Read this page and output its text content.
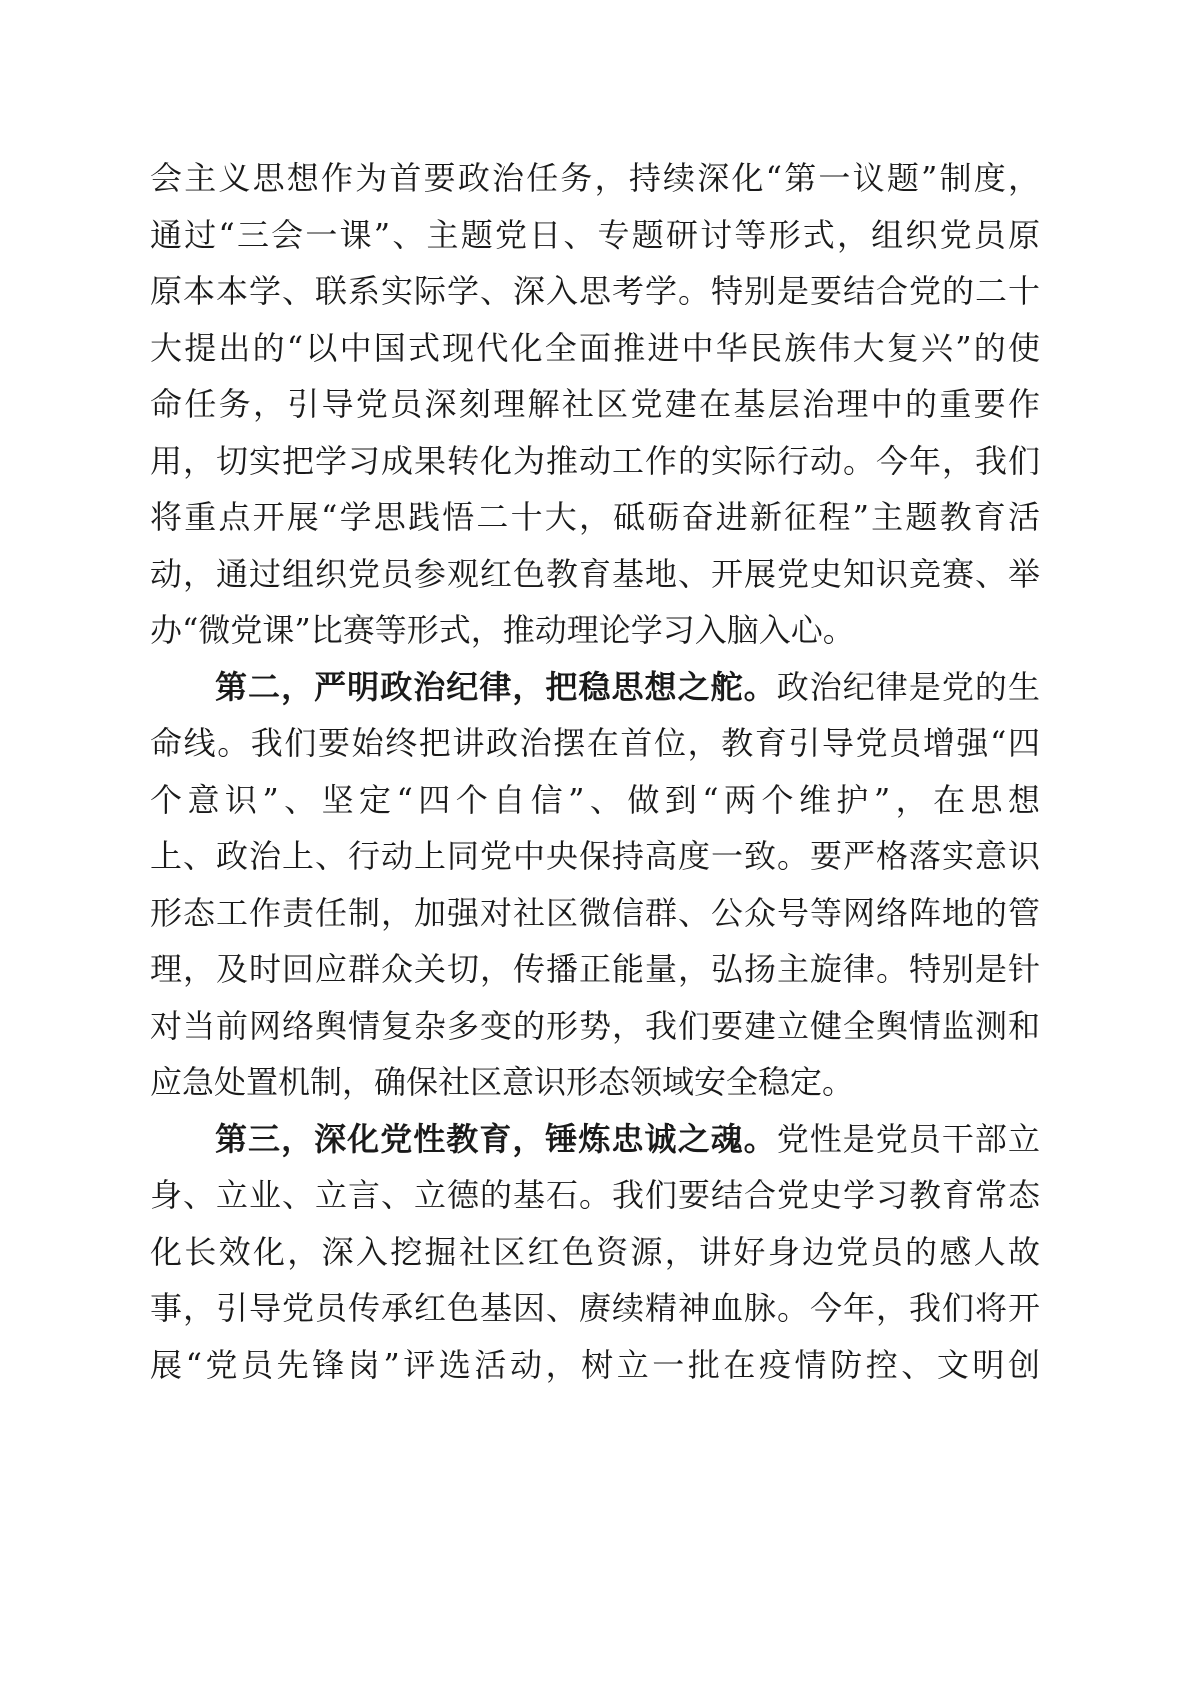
会主义思想作为首要政治任务，持续深化“第一议题”制度，
通过“三会一课”、主题党日、专题研讨等形式，组织党员原
原本本学、联系实际学、深入思考学。特别是要结合党的二十
大提出的“以中国式现代化全面推进中华民族伟大复兴”的使
命任务，引导党员深刻理解社区党建在基层治理中的重要作
用，切实把学习成果转化为推动工作的实际行动。今年，我们
将重点开展“学思践悟二十大，砥砺奋进新征程”主题教育活
动，通过组织党员参观红色教育基地、开展党史知识竞赛、举
办“微党课”比赛等形式，推动理论学习入脑入心。
第二，严明政治纪律，把稳思想之舵。政治纪律是党的生
命线。我们要始终把讲政治摆在首位，教育引导党员增强“四
个意识”、坚定“四个自信”、做到“两个维护”，在思想
上、政治上、行动上同党中央保持高度一致。要严格落实意识
形态工作责任制，加强对社区微信群、公众号等网络阵地的管
理，及时回应群众关切，传播正能量，弘扬主旋律。特别是针
对当前网络舆情复杂多变的形势，我们要建立健全舆情监测和
应急处置机制，确保社区意识形态领域安全稳定。
第三，深化党性教育，锤炼忠诚之魂。党性是党员干部立
身、立业、立言、立德的基石。我们要结合党史学习教育常态
化长效化，深入挖掘社区红色资源，讲好身边党员的感人故
事，引导党员传承红色基因、赓续精神血脉。今年，我们将开
展“党员先锋岗”评选活动，树立一批在疫情防控、文明创
